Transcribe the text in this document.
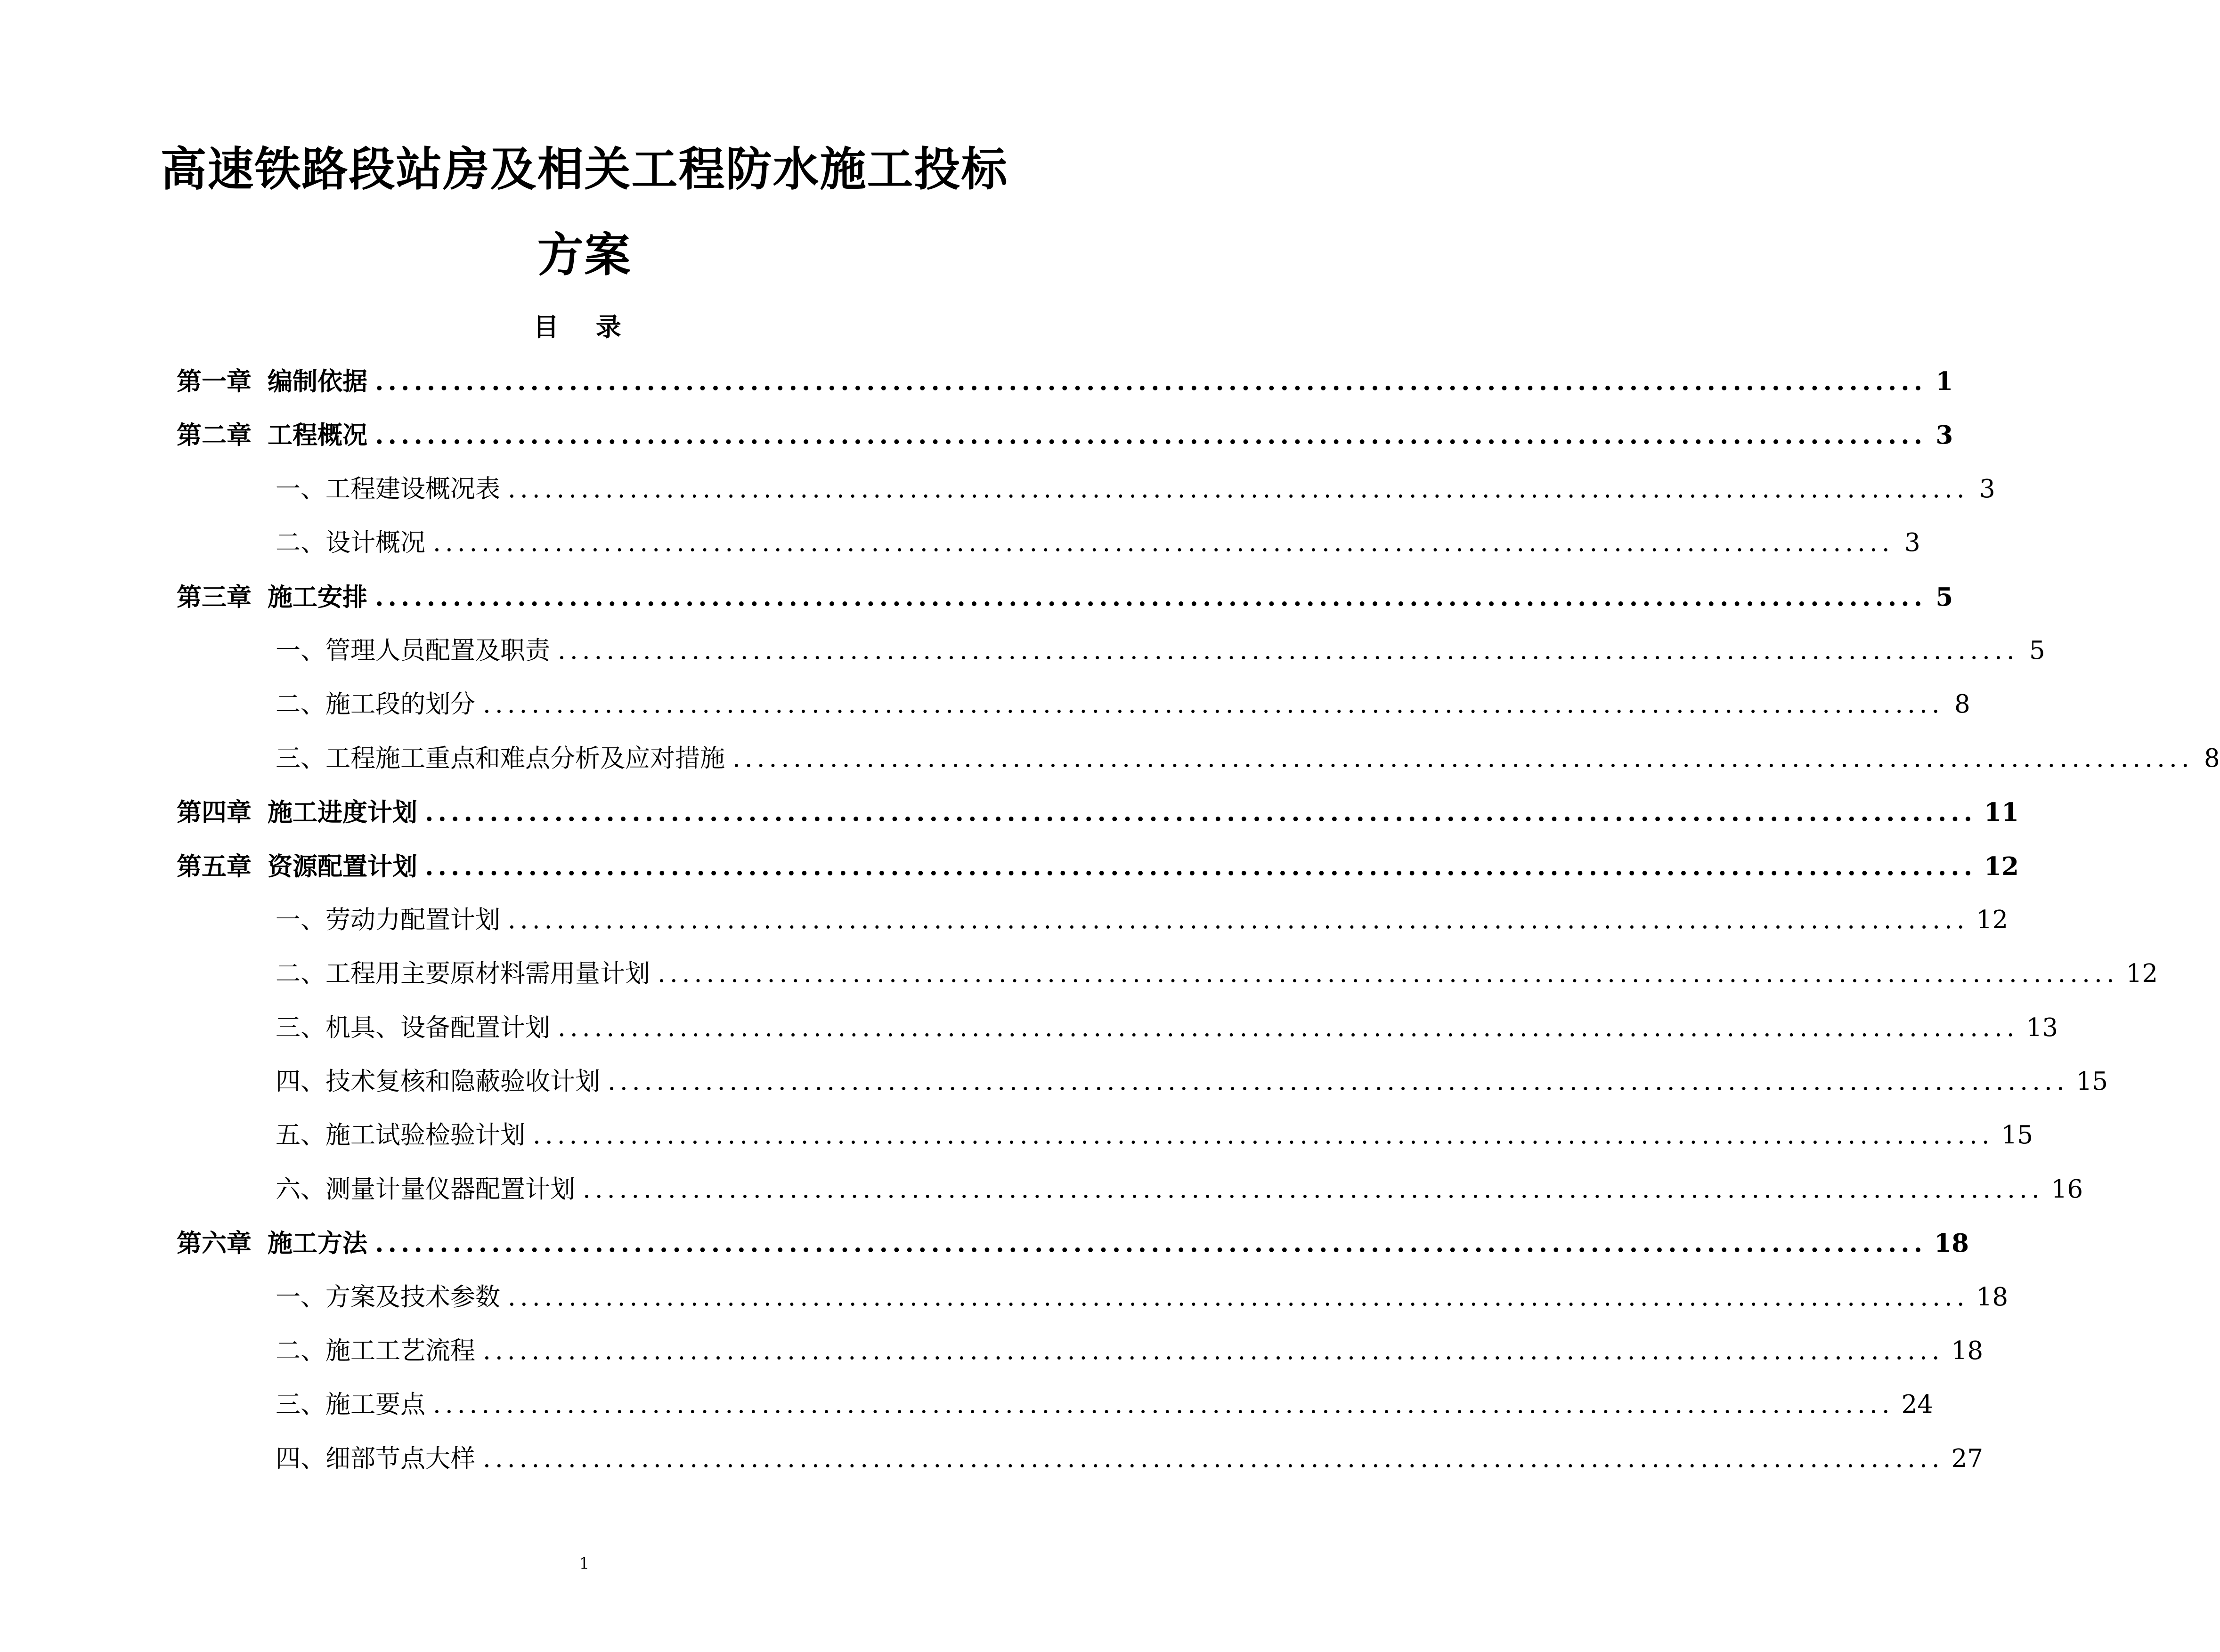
高速铁路段站房及相关工程防水施工投标
方案
目 录
第一章 编制依据 ........................................................................................................................ 1
第二章 工程概况 ........................................................................................................................ 3
一、工程建设概况表 ........................................................................................................................ 3
二、设计概况 ........................................................................................................................ 3
第三章 施工安排 ........................................................................................................................ 5
一、管理人员配置及职责 ........................................................................................................................ 5
二、施工段的划分 ........................................................................................................................ 8
三、工程施工重点和难点分析及应对措施 ........................................................................................................................ 8
第四章 施工进度计划 ........................................................................................................................ 11
第五章 资源配置计划 ........................................................................................................................ 12
一、劳动力配置计划 ........................................................................................................................ 12
二、工程用主要原材料需用量计划 ........................................................................................................................ 12
三、机具、设备配置计划 ........................................................................................................................ 13
四、技术复核和隐蔽验收计划 ........................................................................................................................ 15
五、施工试验检验计划 ........................................................................................................................ 15
六、测量计量仪器配置计划 ........................................................................................................................ 16
第六章 施工方法 ........................................................................................................................ 18
一、方案及技术参数 ........................................................................................................................ 18
二、施工工艺流程 ........................................................................................................................ 18
三、施工要点 ........................................................................................................................ 24
四、细部节点大样 ........................................................................................................................ 27
1
